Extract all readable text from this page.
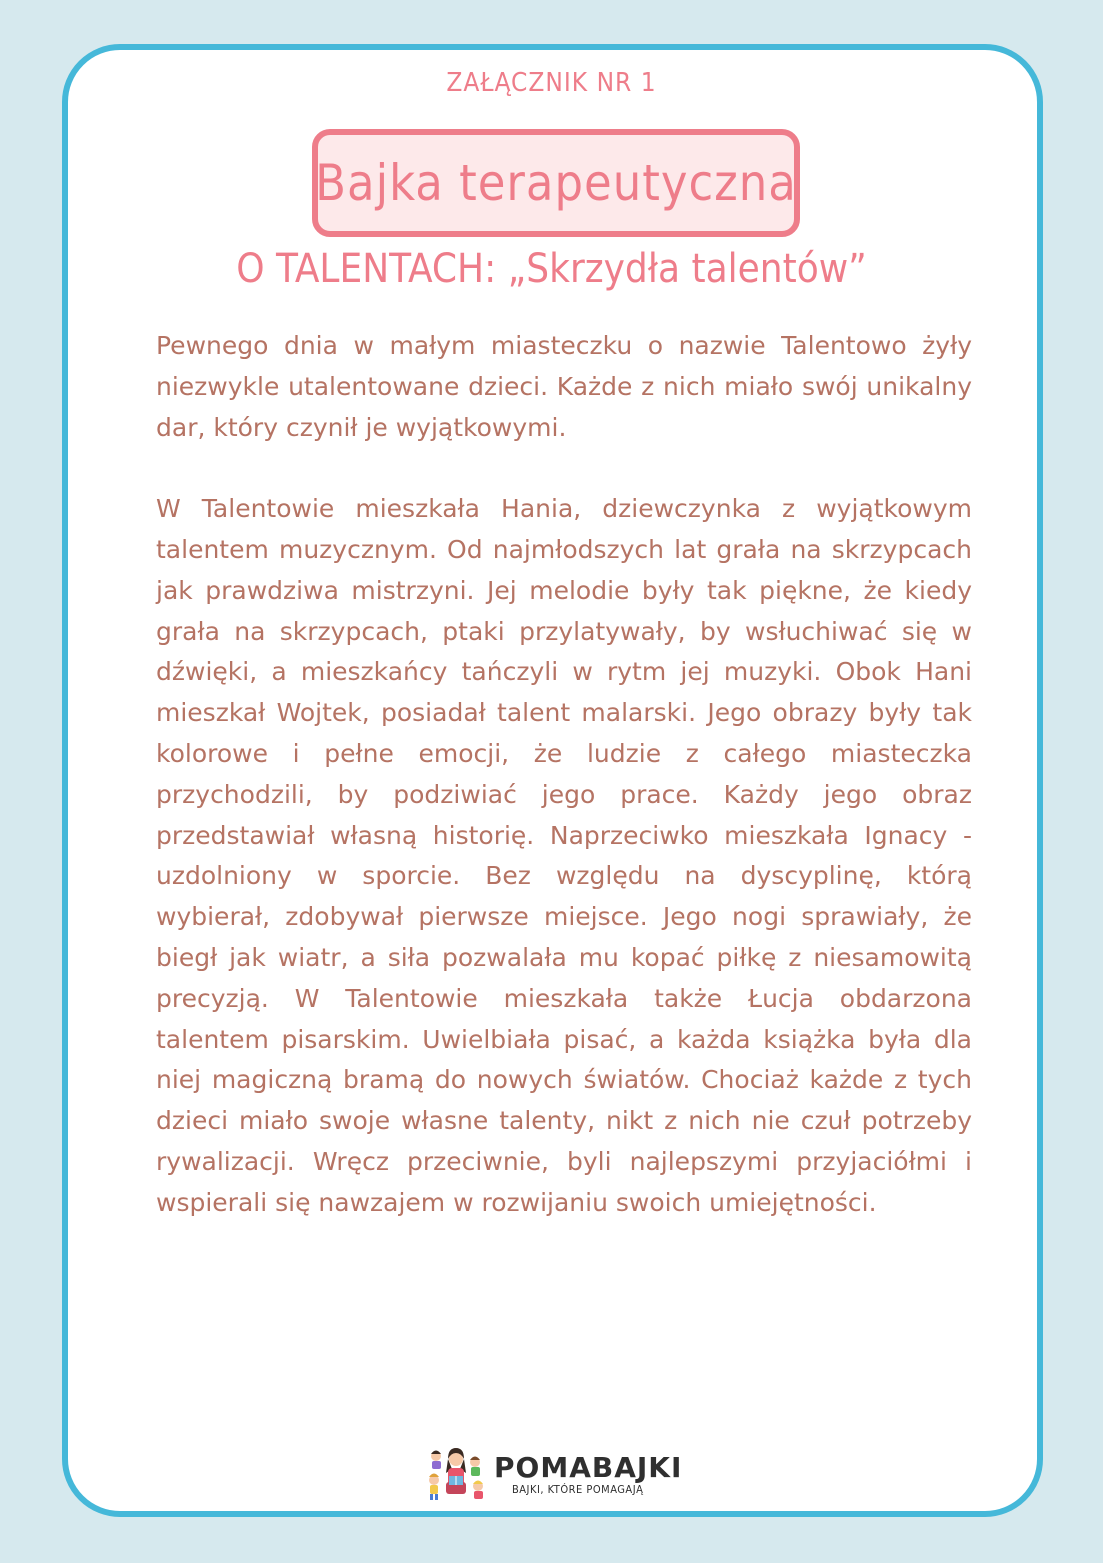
ZAŁĄCZNIK NR 1

Bajka terapeutyczna

O TALENTACH: „Skrzydła talentów”

Pewnego dnia w małym miasteczku o nazwie Talentowo żyły niezwykle utalentowane dzieci. Każde z nich miało swój unikalny dar, który czynił je wyjątkowymi.

W Talentowie mieszkała Hania, dziewczynka z wyjątkowym talentem muzycznym. Od najmłodszych lat grała na skrzypcach jak prawdziwa mistrzyni. Jej melodie były tak piękne, że kiedy grała na skrzypcach, ptaki przylatywały, by wsłuchiwać się w dźwięki, a mieszkańcy tańczyli w rytm jej muzyki. Obok Hani mieszkał Wojtek, posiadał talent malarski. Jego obrazy były tak kolorowe i pełne emocji, że ludzie z całego miasteczka przychodzili, by podziwiać jego prace. Każdy jego obraz przedstawiał własną historię. Naprzeciwko mieszkała Ignacy - uzdolniony w sporcie. Bez względu na dyscyplinę, którą wybierał, zdobywał pierwsze miejsce. Jego nogi sprawiały, że biegł jak wiatr, a siła pozwalała mu kopać piłkę z niesamowitą precyzją. W Talentowie mieszkała także Łucja obdarzona talentem pisarskim. Uwielbiała pisać, a każda książka była dla niej magiczną bramą do nowych światów. Chociaż każde z tych dzieci miało swoje własne talenty, nikt z nich nie czuł potrzeby rywalizacji. Wręcz przeciwnie, byli najlepszymi przyjaciółmi i wspierali się nawzajem w rozwijaniu swoich umiejętności.

POMABAJKI
BAJKI, KTÓRE POMAGAJĄ
